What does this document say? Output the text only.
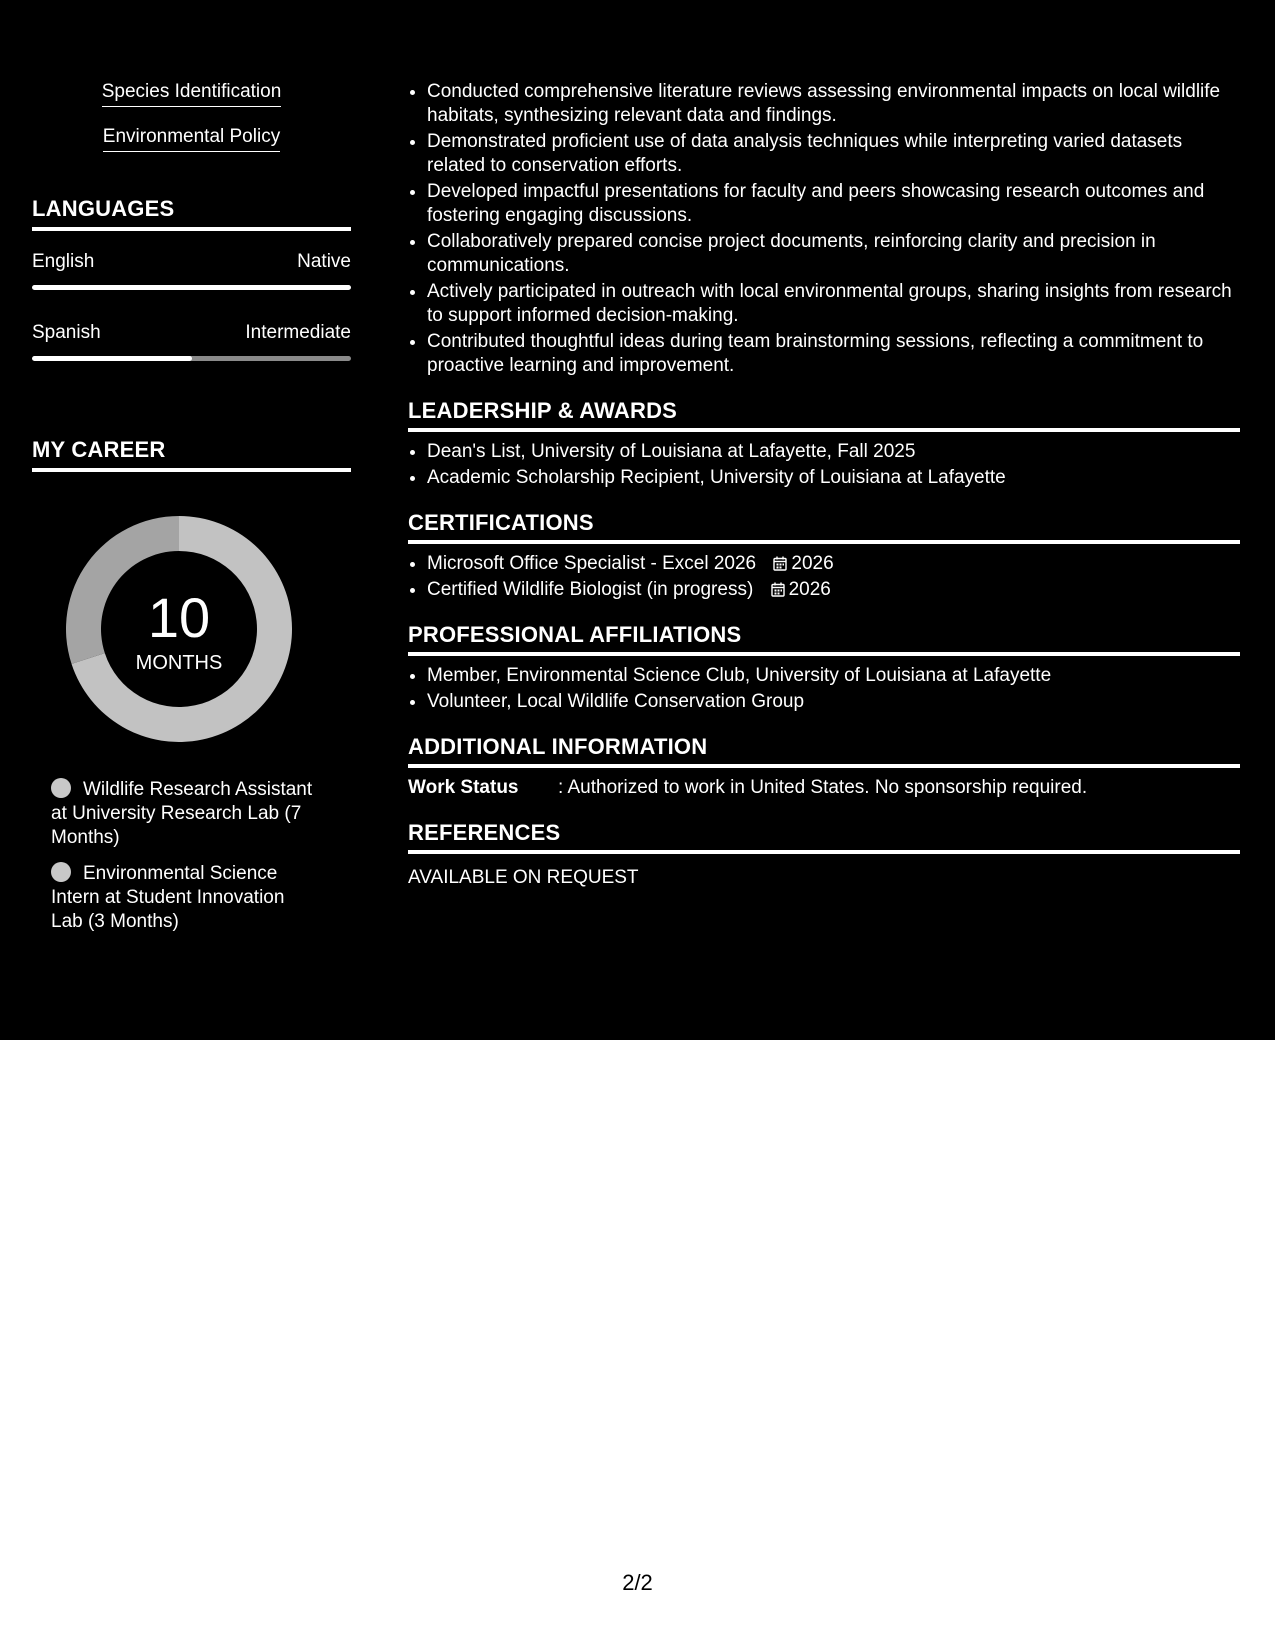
Species Identification
Environmental Policy
LANGUAGES
English	Native
Spanish	Intermediate
MY CAREER
10
MONTHS
Wildlife Research Assistant at University Research Lab (7 Months)
Environmental Science Intern at Student Innovation Lab (3 Months)
• Conducted comprehensive literature reviews assessing environmental impacts on local wildlife habitats, synthesizing relevant data and findings.
• Demonstrated proficient use of data analysis techniques while interpreting varied datasets related to conservation efforts.
• Developed impactful presentations for faculty and peers showcasing research outcomes and fostering engaging discussions.
• Collaboratively prepared concise project documents, reinforcing clarity and precision in communications.
• Actively participated in outreach with local environmental groups, sharing insights from research to support informed decision-making.
• Contributed thoughtful ideas during team brainstorming sessions, reflecting a commitment to proactive learning and improvement.
LEADERSHIP & AWARDS
• Dean's List, University of Louisiana at Lafayette, Fall 2025
• Academic Scholarship Recipient, University of Louisiana at Lafayette
CERTIFICATIONS
• Microsoft Office Specialist - Excel 2026 2026
• Certified Wildlife Biologist (in progress) 2026
PROFESSIONAL AFFILIATIONS
• Member, Environmental Science Club, University of Louisiana at Lafayette
• Volunteer, Local Wildlife Conservation Group
ADDITIONAL INFORMATION
Work Status	: Authorized to work in United States. No sponsorship required.
REFERENCES
AVAILABLE ON REQUEST
2/2
